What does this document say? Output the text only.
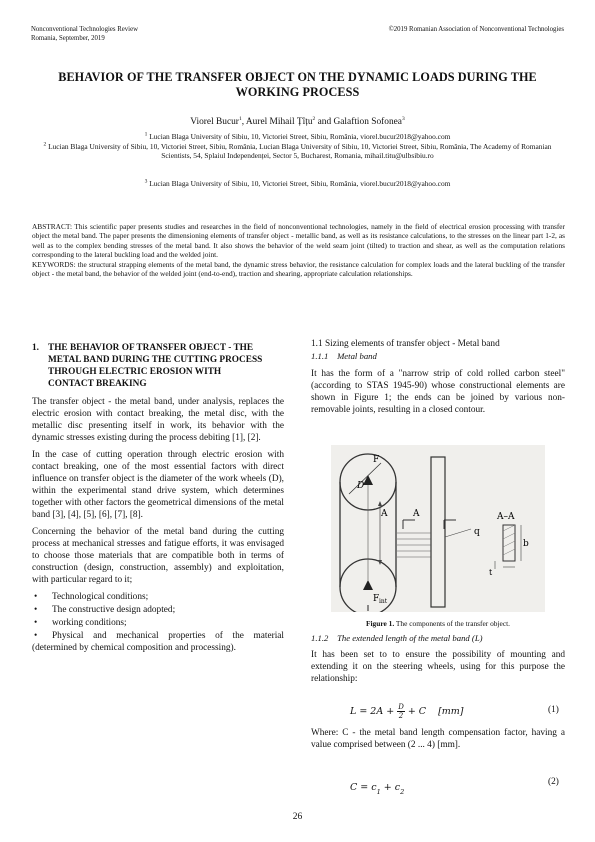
Nonconventional Technologies Review
Romania, September, 2019
©2019 Romanian Association of Nonconventional Technologies
BEHAVIOR OF THE TRANSFER OBJECT ON THE DYNAMIC LOADS DURING THE WORKING PROCESS
Viorel Bucur$^1$, Aurel Mihail Țîțu$^2$ and Galaftion Sofonea$^3$
$^1$ Lucian Blaga University of Sibiu, 10, Victoriei Street, Sibiu, România, viorel.bucur2018@yahoo.com
$^2$ Lucian Blaga University of Sibiu, 10, Victoriei Street, Sibiu, România, Lucian Blaga University of Sibiu, 10, Victoriei Street, Sibiu, România, The Academy of Romanian Scientists, 54, Splaiul Independenței, Sector 5, Bucharest, Romania, mihail.titu@ulbsibiu.ro
$^3$ Lucian Blaga University of Sibiu, 10, Victoriei Street, Sibiu, România, viorel.bucur2018@yahoo.com

ABSTRACT: This scientific paper presents studies and researches in the field of nonconventional technologies, namely in the field of electrical erosion processing with transfer object the metal band. The paper presents the dimensioning elements of transfer object - metallic band, as well as its resistance calculations, to the stresses on the linear part 1-2, as well as to the complex bending stresses of the metal band. It also shows the behavior of the weld seam joint (tilted) to traction and shear, as well as the computation relations corresponding to the lateral buckling load and the welded joint.

KEYWORDS: the structural strapping elements of the metal band, the dynamic stress behavior, the resistance calculation for complex loads and the lateral buckling of the transfer object - the metal band, the behavior of the welded joint (end-to-end), traction and shearing, appropriate calculation relationships.

1. THE BEHAVIOR OF TRANSFER OBJECT - THE METAL BAND DURING THE CUTTING PROCESS THROUGH ELECTRIC EROSION WITH CONTACT BREAKING

The transfer object - the metal band, under analysis, replaces the electric erosion with contact breaking, the metal disc, with the metallic disc presenting itself in work, its behavior with the dynamic stresses existing during the process debiting [1], [2].

In the case of cutting operation through electric erosion with contact breaking, one of the most essential factors with direct influence on transfer object is the diameter of the work wheels (D), within the experimental stand drive system, which determines together with other factors the geometrical dimensions of the metal band [3], [4], [5], [6], [7], [8].

Concerning the behavior of the metal band during the cutting process at mechanical stresses and fatigue efforts, it was envisaged to choose those materials that are compatible both in terms of construction (design, construction, assembly) and exploitation, with particular regard to it;

• Technological conditions;
• The constructive design adopted;
• working conditions;
• Physical and mechanical properties of the material (determined by chemical composition and processing).
1.1 Sizing elements of transfer object - Metal band
1.1.1 Metal band

It has the form of a "narrow strip of cold rolled carbon steel" (according to STAS 1945-90) whose constructional elements are shown in Figure 1; the ends can be joined by various non-removable joints, resulting in a closed contour.

D
A	A
q
A–A
b
t
F
F int
Figure 1. The components of the transfer object.
1.1.2 The extended length of the metal band (L)

It has been set to to ensure the possibility of mounting and extending it on the steering wheels, using for this purpose the relationship:

$L = 2A + \frac{D}{2} + C$ [mm]	(1)

Where: C - the metal band length compensation factor, having a value comprised between (2 ... 4) [mm].

$C = c_1 + c_2$
(2)
26
